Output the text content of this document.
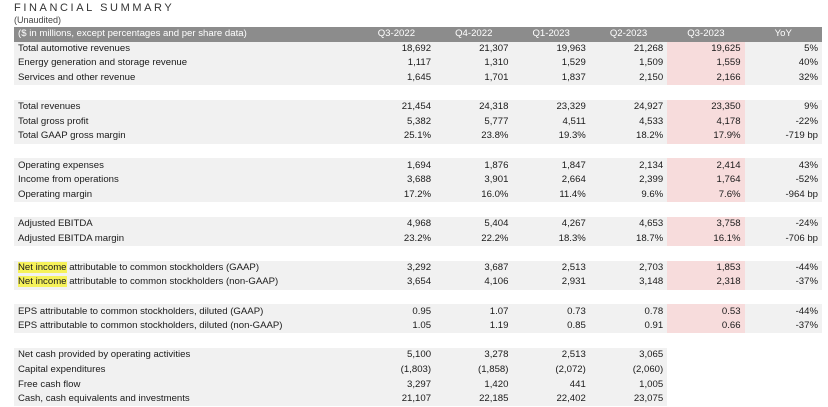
FINANCIAL SUMMARY
(Unaudited)
($ in millions, except percentages and per share data)	Q3-2022	Q4-2022	Q1-2023	Q2-2023	Q3-2023	YoY
Total automotive revenues	18,692	21,307	19,963	21,268	19,625	5%
Energy generation and storage revenue	1,117	1,310	1,529	1,509	1,559	40%
Services and other revenue	1,645	1,701	1,837	2,150	2,166	32%

Total revenues	21,454	24,318	23,329	24,927	23,350	9%
Total gross profit	5,382	5,777	4,511	4,533	4,178	-22%
Total GAAP gross margin	25.1%	23.8%	19.3%	18.2%	17.9%	-719 bp

Operating expenses	1,694	1,876	1,847	2,134	2,414	43%
Income from operations	3,688	3,901	2,664	2,399	1,764	-52%
Operating margin	17.2%	16.0%	11.4%	9.6%	7.6%	-964 bp

Adjusted EBITDA	4,968	5,404	4,267	4,653	3,758	-24%
Adjusted EBITDA margin	23.2%	22.2%	18.3%	18.7%	16.1%	-706 bp

Net income attributable to common stockholders (GAAP)	3,292	3,687	2,513	2,703	1,853	-44%
Net income attributable to common stockholders (non-GAAP)	3,654	4,106	2,931	3,148	2,318	-37%

EPS attributable to common stockholders, diluted (GAAP)	0.95	1.07	0.73	0.78	0.53	-44%
EPS attributable to common stockholders, diluted (non-GAAP)	1.05	1.19	0.85	0.91	0.66	-37%

Net cash provided by operating activities	5,100	3,278	2,513	3,065		
Capital expenditures	(1,803)	(1,858)	(2,072)	(2,060)		
Free cash flow	3,297	1,420	441	1,005		
Cash, cash equivalents and investments	21,107	22,185	22,402	23,075		
